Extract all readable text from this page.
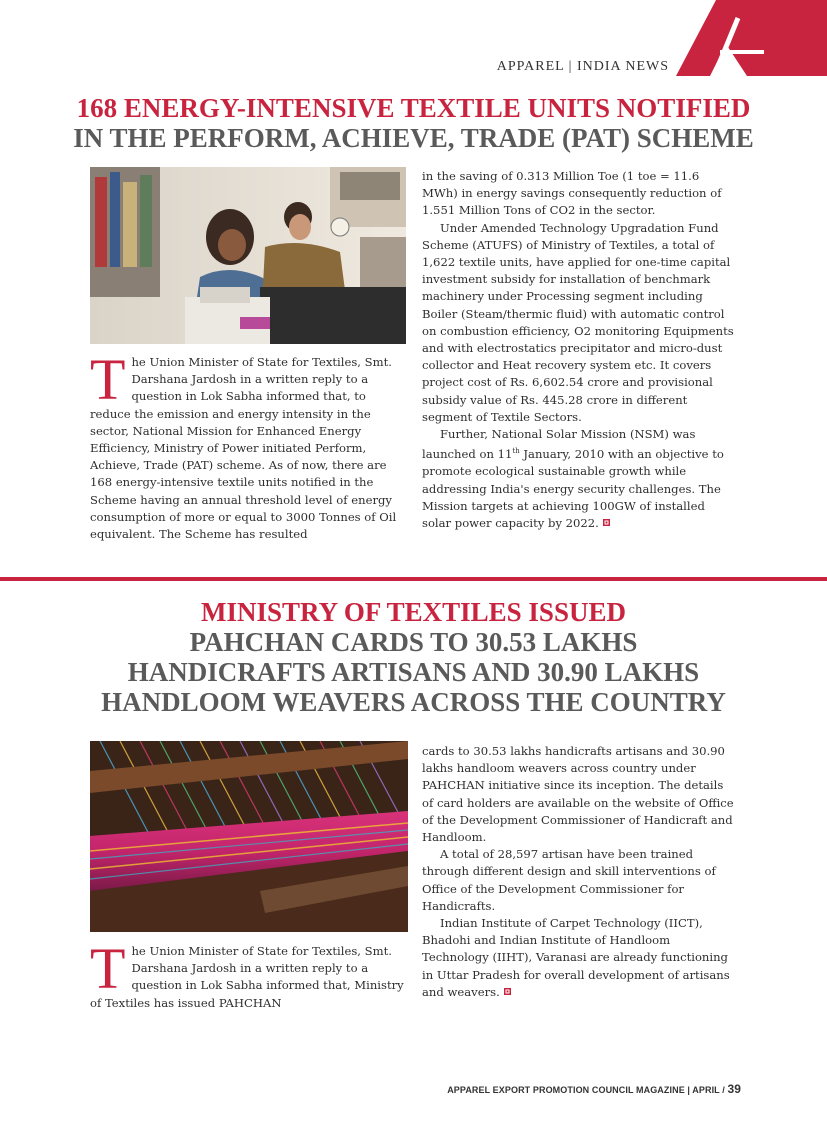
APPAREL | INDIA NEWS
168 ENERGY-INTENSIVE TEXTILE UNITS NOTIFIED
IN THE PERFORM, ACHIEVE, TRADE (PAT) SCHEME
The Union Minister of State for Textiles, Smt. Darshana Jardosh in a written reply to a question in Lok Sabha informed that, to reduce the emission and energy intensity in the sector, National Mission for Enhanced Energy Efficiency, Ministry of Power initiated Perform, Achieve, Trade (PAT) scheme. As of now, there are 168 energy-intensive textile units notified in the Scheme having an annual threshold level of energy consumption of more or equal to 3000 Tonnes of Oil equivalent. The Scheme has resulted

in the saving of 0.313 Million Toe (1 toe = 11.6 MWh) in energy savings consequently reduction of 1.551 Million Tons of CO2 in the sector.

Under Amended Technology Upgradation Fund Scheme (ATUFS) of Ministry of Textiles, a total of 1,622 textile units, have applied for one-time capital investment subsidy for installation of benchmark machinery under Processing segment including Boiler (Steam/thermic fluid) with automatic control on combustion efficiency, O2 monitoring Equipments and with electrostatics precipitator and micro-dust collector and Heat recovery system etc. It covers project cost of Rs. 6,602.54 crore and provisional subsidy value of Rs. 445.28 crore in different segment of Textile Sectors.

Further, National Solar Mission (NSM) was launched on 11th January, 2010 with an objective to promote ecological sustainable growth while addressing India's energy security challenges. The Mission targets at achieving 100GW of installed solar power capacity by 2022.

MINISTRY OF TEXTILES ISSUED
PAHCHAN CARDS TO 30.53 LAKHS
HANDICRAFTS ARTISANS AND 30.90 LAKHS
HANDLOOM WEAVERS ACROSS THE COUNTRY
The Union Minister of State for Textiles, Smt. Darshana Jardosh in a written reply to a question in Lok Sabha informed that, Ministry of Textiles has issued PAHCHAN

cards to 30.53 lakhs handicrafts artisans and 30.90 lakhs handloom weavers across country under PAHCHAN initiative since its inception. The details of card holders are available on the website of Office of the Development Commissioner of Handicraft and Handloom.

A total of 28,597 artisan have been trained through different design and skill interventions of Office of the Development Commissioner for Handicrafts.

Indian Institute of Carpet Technology (IICT), Bhadohi and Indian Institute of Handloom Technology (IIHT), Varanasi are already functioning in Uttar Pradesh for overall development of artisans and weavers.

APPAREL EXPORT PROMOTION COUNCIL MAGAZINE | APRIL / 39
